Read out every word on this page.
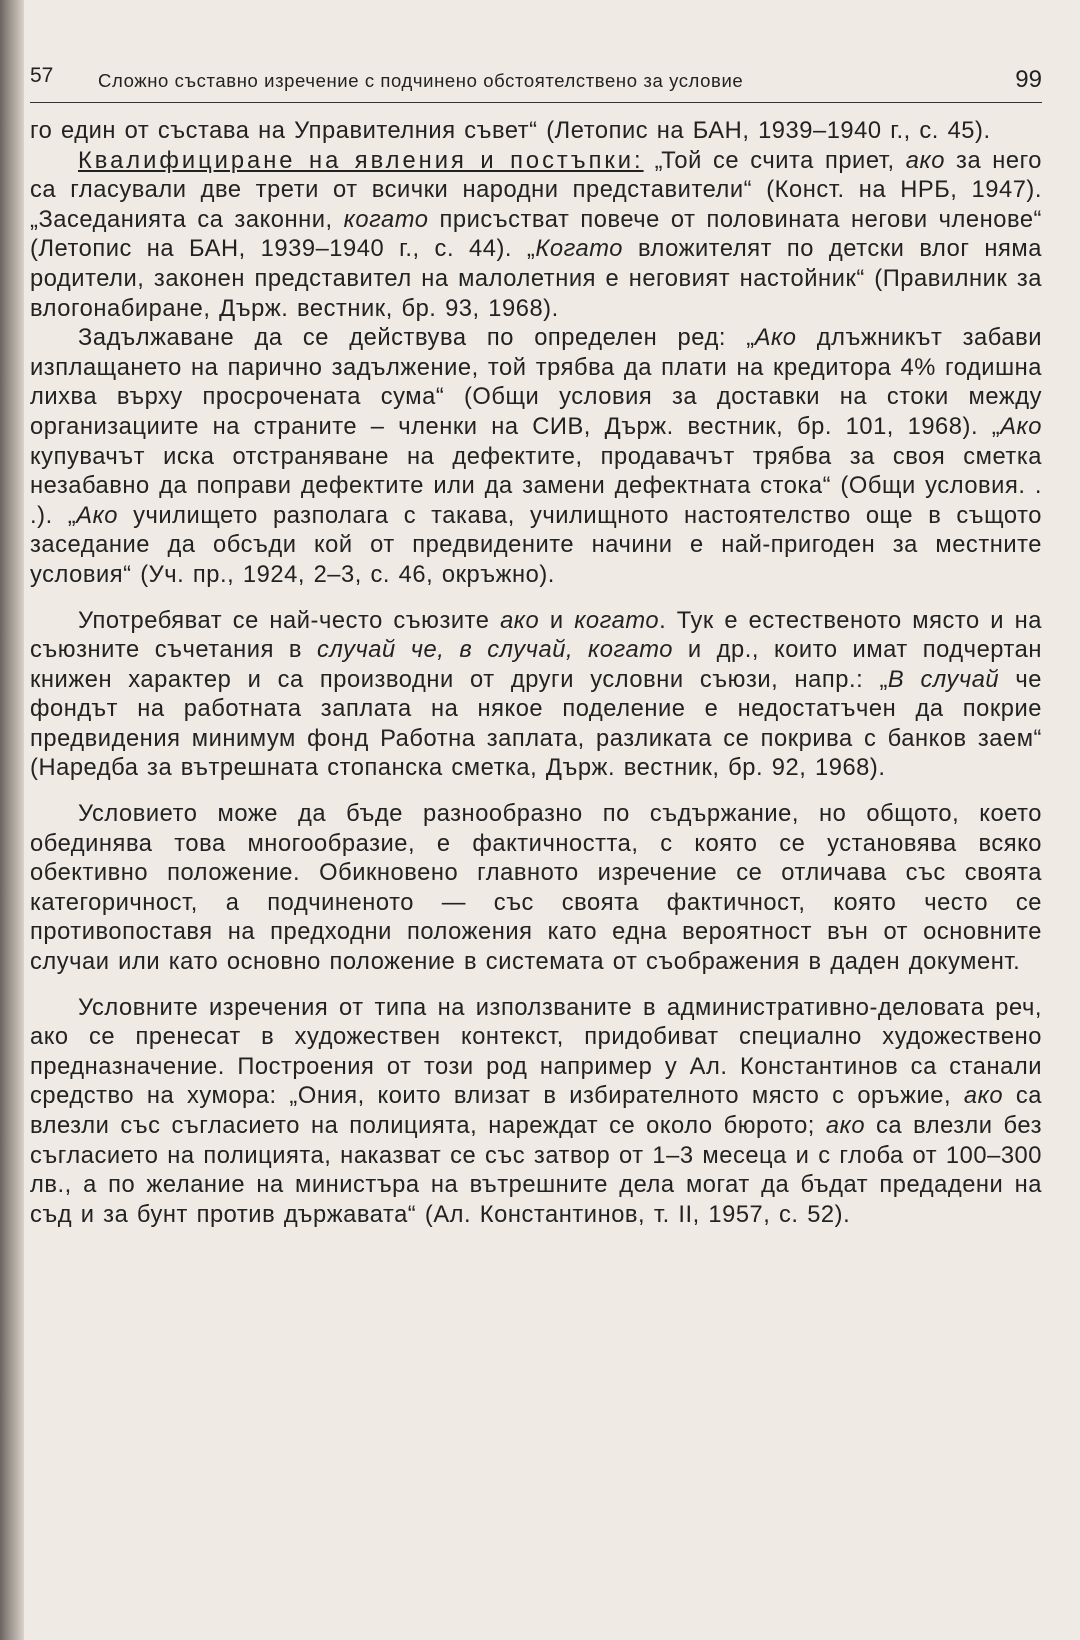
57 Сложно съставно изречение с подчинено обстоятелствено за условие	99

го един от състава на Управителния съвет“ (Летопис на БАН, 1939–1940 г., с. 45).

Квалифициране на явления и постъпки: „Той се счита приет, ако за него са гласували две трети от всички народни представители“ (Конст. на НРБ, 1947). „Заседанията са законни, когато присъстват повече от половината негови членове“ (Летопис на БАН, 1939–1940 г., с. 44). „Когато вложителят по детски влог няма родители, законен представител на малолетния е неговият настойник“ (Правилник за влогонабиране, Държ. вестник, бр. 93, 1968).

Задължаване да се действува по определен ред: „Ако длъжникът забави изплащането на парично задължение, той трябва да плати на кредитора 4% годишна лихва върху просрочената сума“ (Общи условия за доставки на стоки между организациите на страните – членки на СИВ, Държ. вестник, бр. 101, 1968). „Ако купувачът иска отстраняване на дефектите, продавачът трябва за своя сметка незабавно да поправи дефектите или да замени дефектната стока“ (Общи условия. . .). „Ако училището разполага с такава, училищното настоятелство още в същото заседание да обсъди кой от предвидените начини е най-пригоден за местните условия“ (Уч. пр., 1924, 2–3, с. 46, окръжно).

Употребяват се най-често съюзите ако и когато. Тук е естественото място и на съюзните съчетания в случай че, в случай, когато и др., които имат подчертан книжен характер и са производни от други условни съюзи, напр.: „В случай че фондът на работната заплата на някое поделение е недостатъчен да покрие предвидения минимум фонд Работна заплата, разликата се покрива с банков заем“ (Наредба за вътрешната стопанска сметка, Държ. вестник, бр. 92, 1968).

Условието може да бъде разнообразно по съдържание, но общото, което обединява това многообразие, е фактичността, с която се установява всяко обективно положение. Обикновено главното изречение се отличава със своята категоричност, а подчиненото — със своята фактичност, която често се противопоставя на предходни положения като една вероятност вън от основните случаи или като основно положение в системата от съображения в даден документ.

Условните изречения от типа на използваните в административно-деловата реч, ако се пренесат в художествен контекст, придобиват специално художествено предназначение. Построения от този род например у Ал. Константинов са станали средство на хумора: „Ония, които влизат в избирателното място с оръжие, ако са влезли със съгласието на полицията, нареждат се около бюрото; ако са влезли без съгласието на полицията, наказват се със затвор от 1–3 месеца и с глоба от 100–300 лв., а по желание на министъра на вътрешните дела могат да бъдат предадени на съд и за бунт против държавата“ (Ал. Константинов, т. II, 1957, с. 52).
